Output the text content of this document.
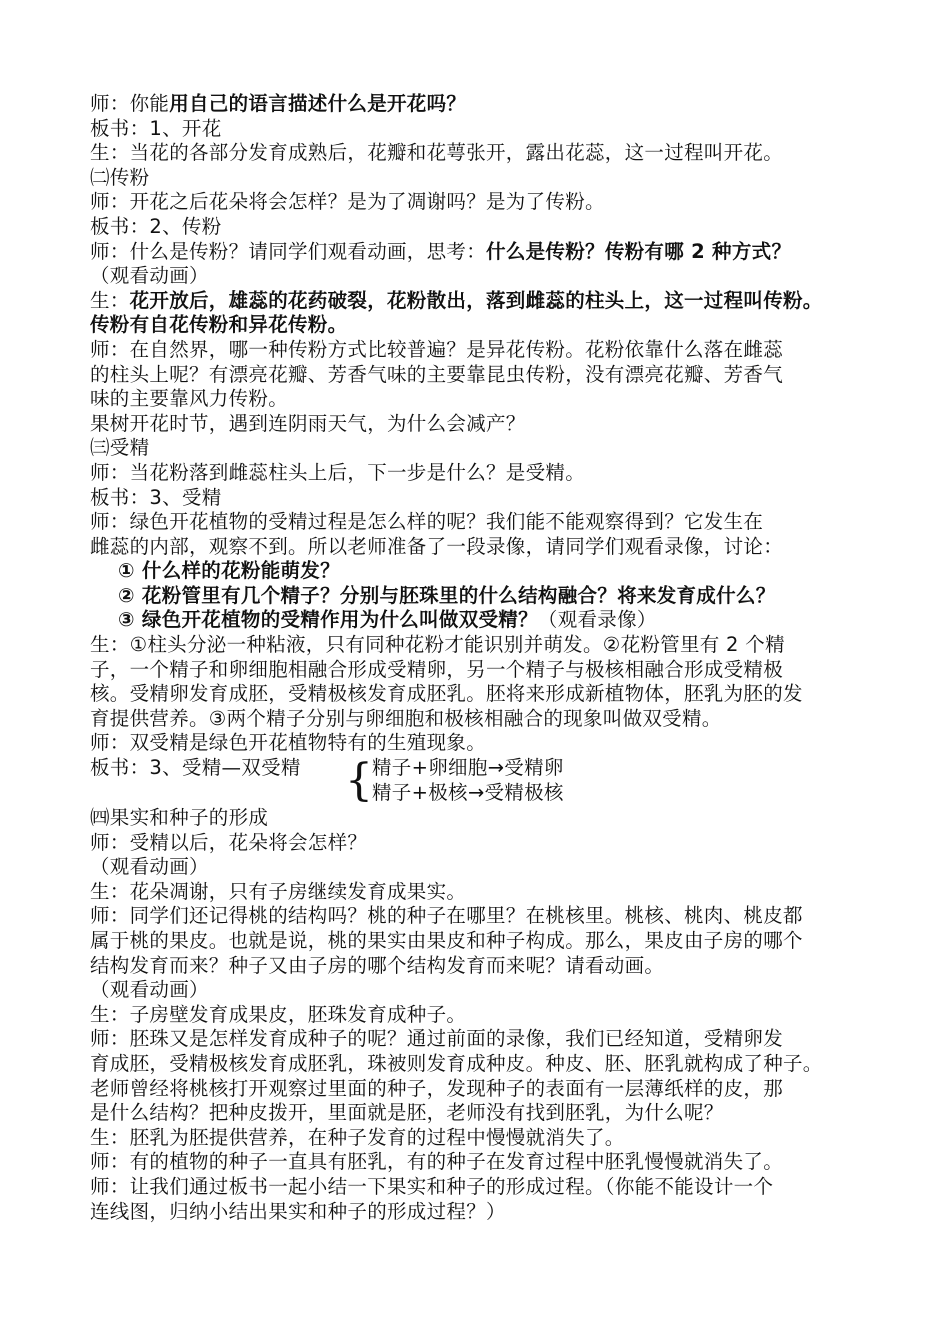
师：你能用自己的语言描述什么是开花吗？
板书：1、开花
生：当花的各部分发育成熟后，花瓣和花萼张开，露出花蕊，这一过程叫开花。
㈡传粉
师：开花之后花朵将会怎样？是为了凋谢吗？是为了传粉。
板书：2、传粉
师：什么是传粉？请同学们观看动画，思考：什么是传粉？传粉有哪 2 种方式？
（观看动画）
生：花开放后，雄蕊的花药破裂，花粉散出，落到雌蕊的柱头上，这一过程叫传粉。
传粉有自花传粉和异花传粉。
师：在自然界，哪一种传粉方式比较普遍？是异花传粉。花粉依靠什么落在雌蕊
的柱头上呢？有漂亮花瓣、芳香气味的主要靠昆虫传粉，没有漂亮花瓣、芳香气
味的主要靠风力传粉。
果树开花时节，遇到连阴雨天气，为什么会减产？
㈢受精
师：当花粉落到雌蕊柱头上后，下一步是什么？是受精。
板书：3、受精
师：绿色开花植物的受精过程是怎么样的呢？我们能不能观察得到？它发生在
雌蕊的内部，观察不到。所以老师准备了一段录像，请同学们观看录像，讨论：
① 什么样的花粉能萌发？
② 花粉管里有几个精子？分别与胚珠里的什么结构融合？将来发育成什么？
③ 绿色开花植物的受精作用为什么叫做双受精？（观看录像）
生：①柱头分泌一种粘液，只有同种花粉才能识别并萌发。②花粉管里有 2 个精
子，一个精子和卵细胞相融合形成受精卵，另一个精子与极核相融合形成受精极
核。受精卵发育成胚，受精极核发育成胚乳。胚将来形成新植物体，胚乳为胚的发
育提供营养。③两个精子分别与卵细胞和极核相融合的现象叫做双受精。
师：双受精是绿色开花植物特有的生殖现象。
板书：3、受精—双受精 { 精子+卵细胞→受精卵
精子+极核→受精极核
㈣果实和种子的形成
师：受精以后，花朵将会怎样？
（观看动画）
生：花朵凋谢，只有子房继续发育成果实。
师：同学们还记得桃的结构吗？桃的种子在哪里？在桃核里。桃核、桃肉、桃皮都
属于桃的果皮。也就是说，桃的果实由果皮和种子构成。那么，果皮由子房的哪个
结构发育而来？种子又由子房的哪个结构发育而来呢？请看动画。
（观看动画）
生：子房壁发育成果皮，胚珠发育成种子。
师：胚珠又是怎样发育成种子的呢？通过前面的录像，我们已经知道，受精卵发
育成胚，受精极核发育成胚乳，珠被则发育成种皮。种皮、胚、胚乳就构成了种子。
老师曾经将桃核打开观察过里面的种子，发现种子的表面有一层薄纸样的皮，那
是什么结构？把种皮拨开，里面就是胚，老师没有找到胚乳，为什么呢？
生：胚乳为胚提供营养，在种子发育的过程中慢慢就消失了。
师：有的植物的种子一直具有胚乳，有的种子在发育过程中胚乳慢慢就消失了。
师：让我们通过板书一起小结一下果实和种子的形成过程。（你能不能设计一个
连线图，归纳小结出果实和种子的形成过程？）
